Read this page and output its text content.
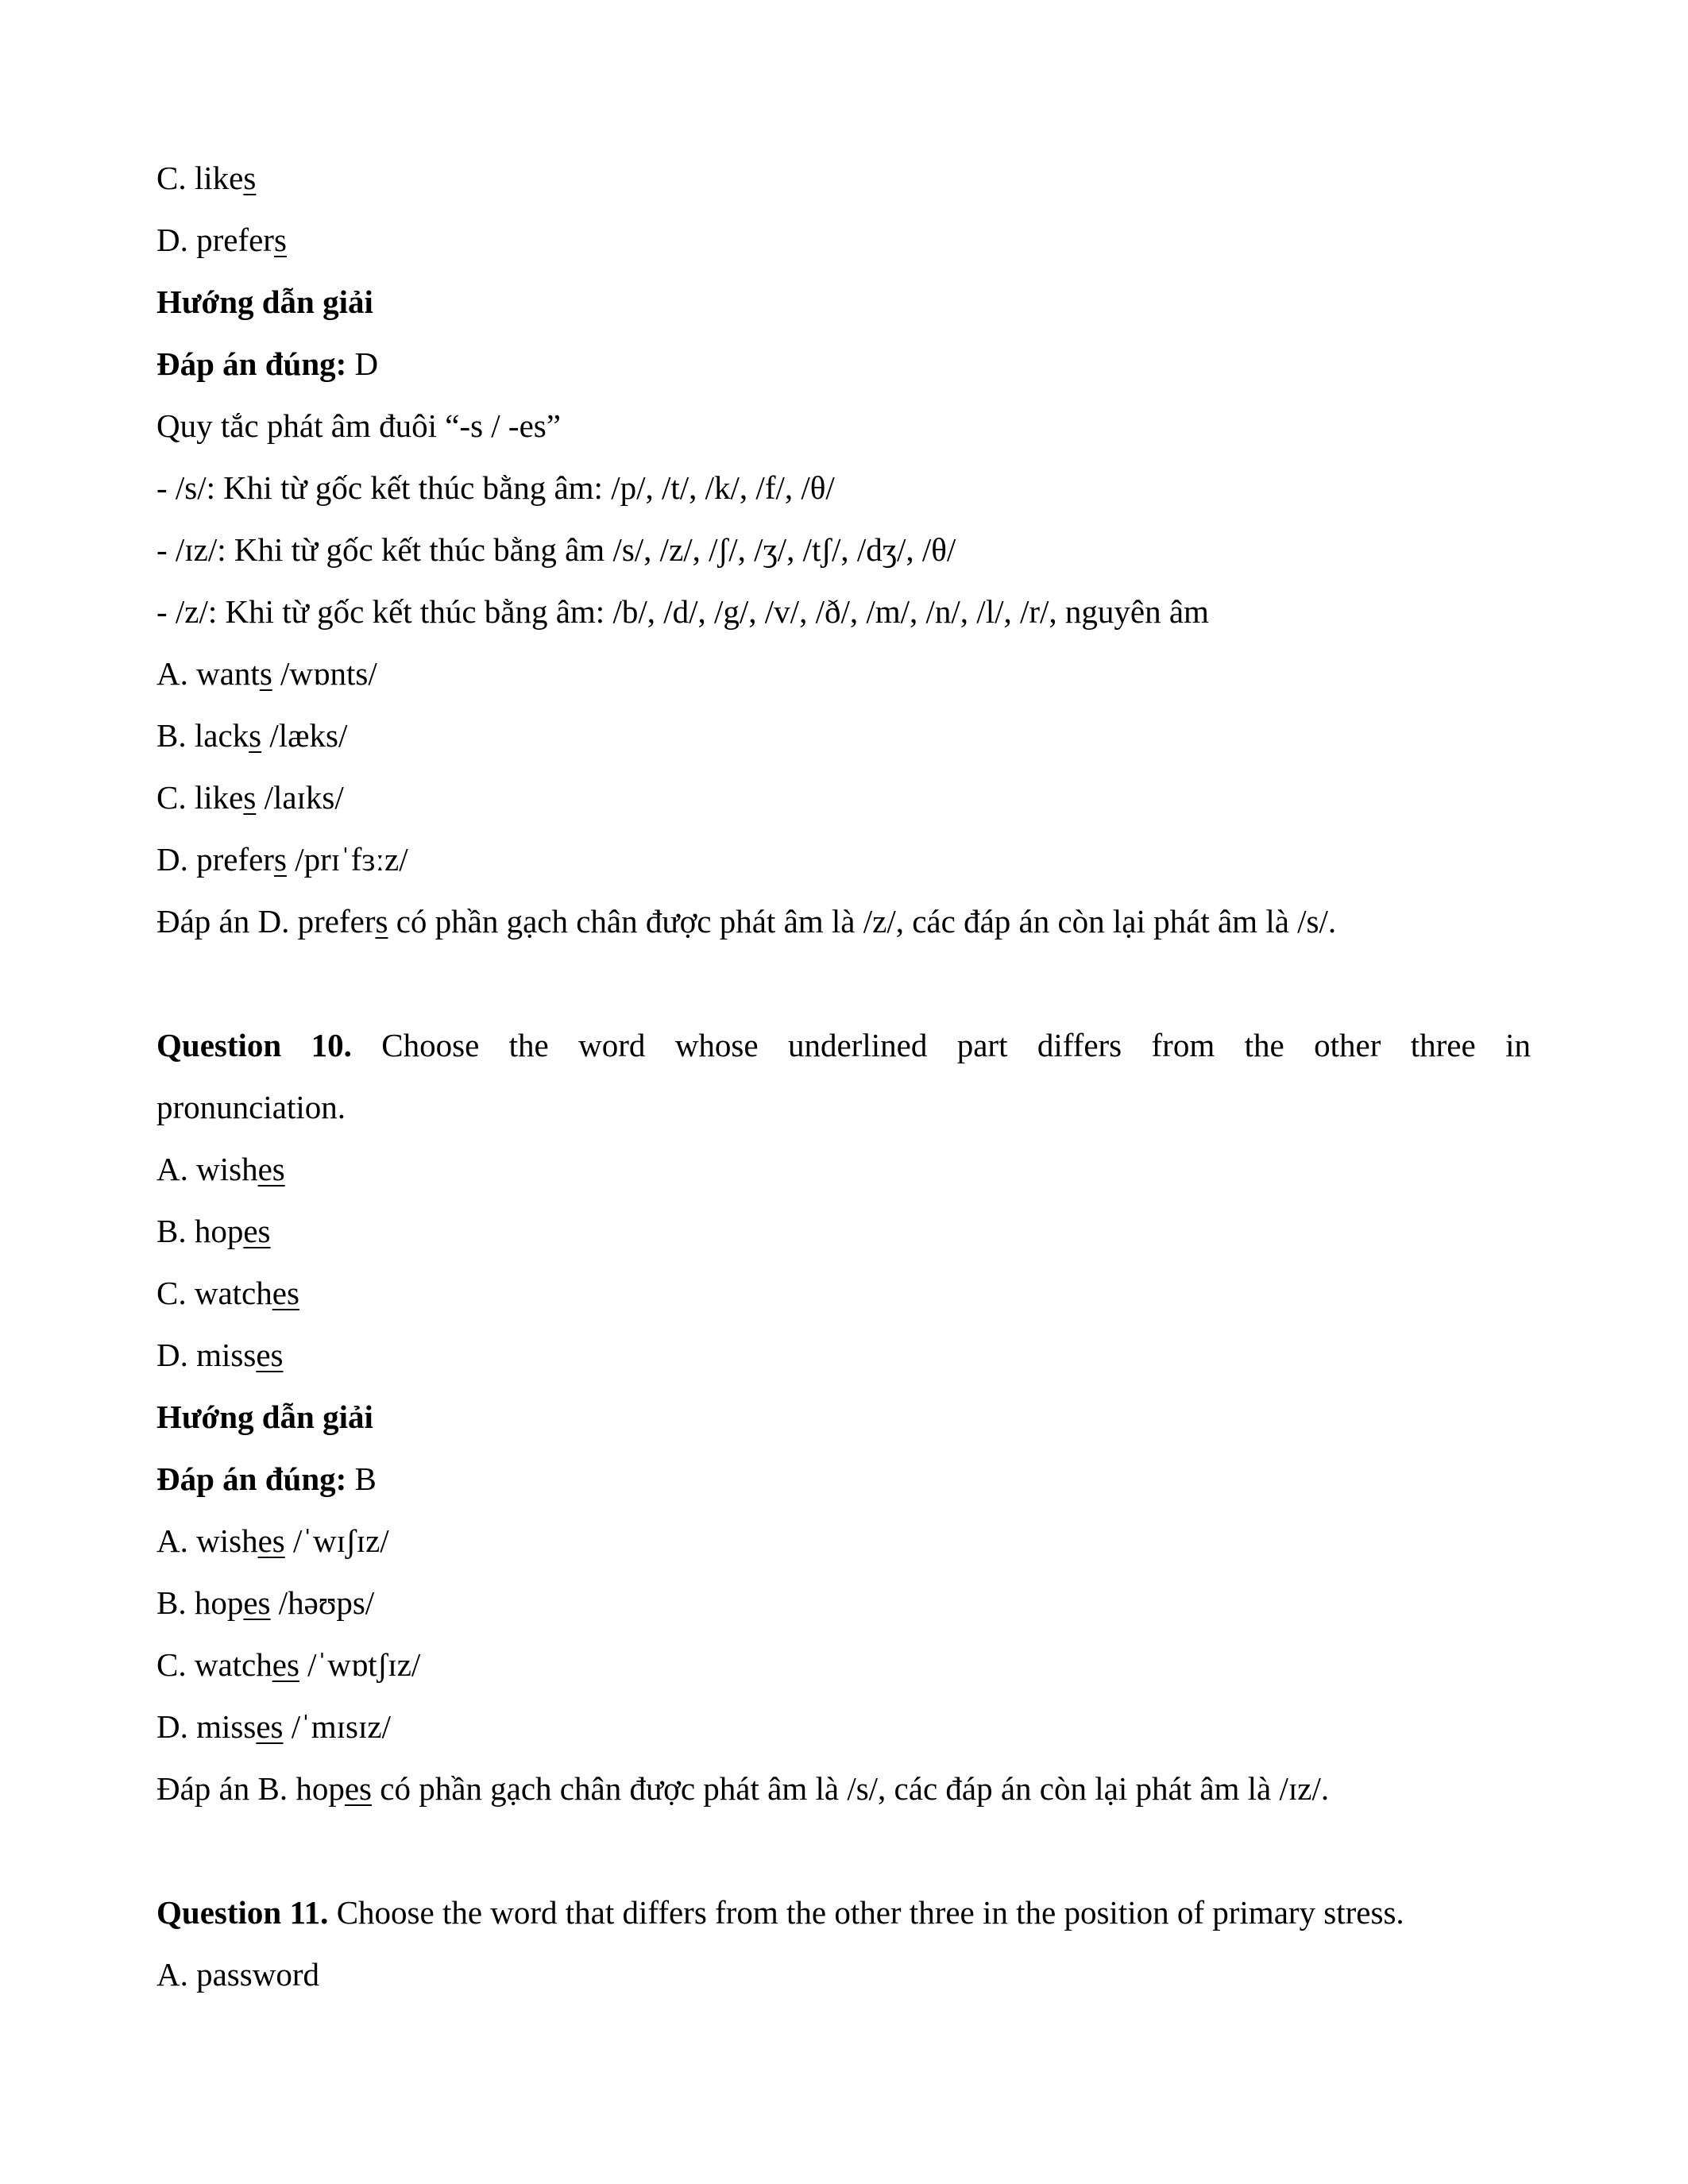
C. likes
D. prefers
Hướng dẫn giải
Đáp án đúng: D
Quy tắc phát âm đuôi “-s / -es”
- /s/: Khi từ gốc kết thúc bằng âm: /p/, /t/, /k/, /f/, /θ/
- /ɪz/: Khi từ gốc kết thúc bằng âm /s/, /z/, /ʃ/, /ʒ/, /tʃ/, /dʒ/, /θ/
- /z/: Khi từ gốc kết thúc bằng âm: /b/, /d/, /g/, /v/, /ð/, /m/, /n/, /l/, /r/, nguyên âm
A. wants /wɒnts/
B. lacks /læks/
C. likes /laɪks/
D. prefers /prɪˈfɜːz/
Đáp án D. prefers có phần gạch chân được phát âm là /z/, các đáp án còn lại phát âm là /s/.
Question 10. Choose the word whose underlined part differs from the other three in
pronunciation.
A. wishes
B. hopes
C. watches
D. misses
Hướng dẫn giải
Đáp án đúng: B
A. wishes /ˈwɪʃɪz/
B. hopes /həʊps/
C. watches /ˈwɒtʃɪz/
D. misses /ˈmɪsɪz/
Đáp án B. hopes có phần gạch chân được phát âm là /s/, các đáp án còn lại phát âm là /ɪz/.
Question 11. Choose the word that differs from the other three in the position of primary stress.
A. password
